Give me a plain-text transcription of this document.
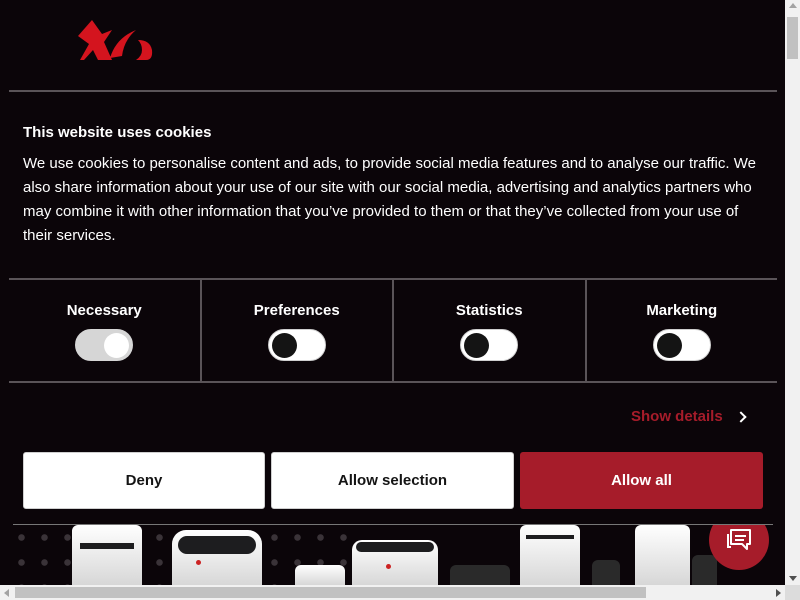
This website uses cookies
We use cookies to personalise content and ads, to provide social media features and to analyse our traffic. We also share information about your use of our site with our social media, advertising and analytics partners who may combine it with other information that you’ve provided to them or that they’ve collected from your use of their services.
Necessary	Preferences	Statistics	Marketing
Show details
Deny	Allow selection	Allow all
